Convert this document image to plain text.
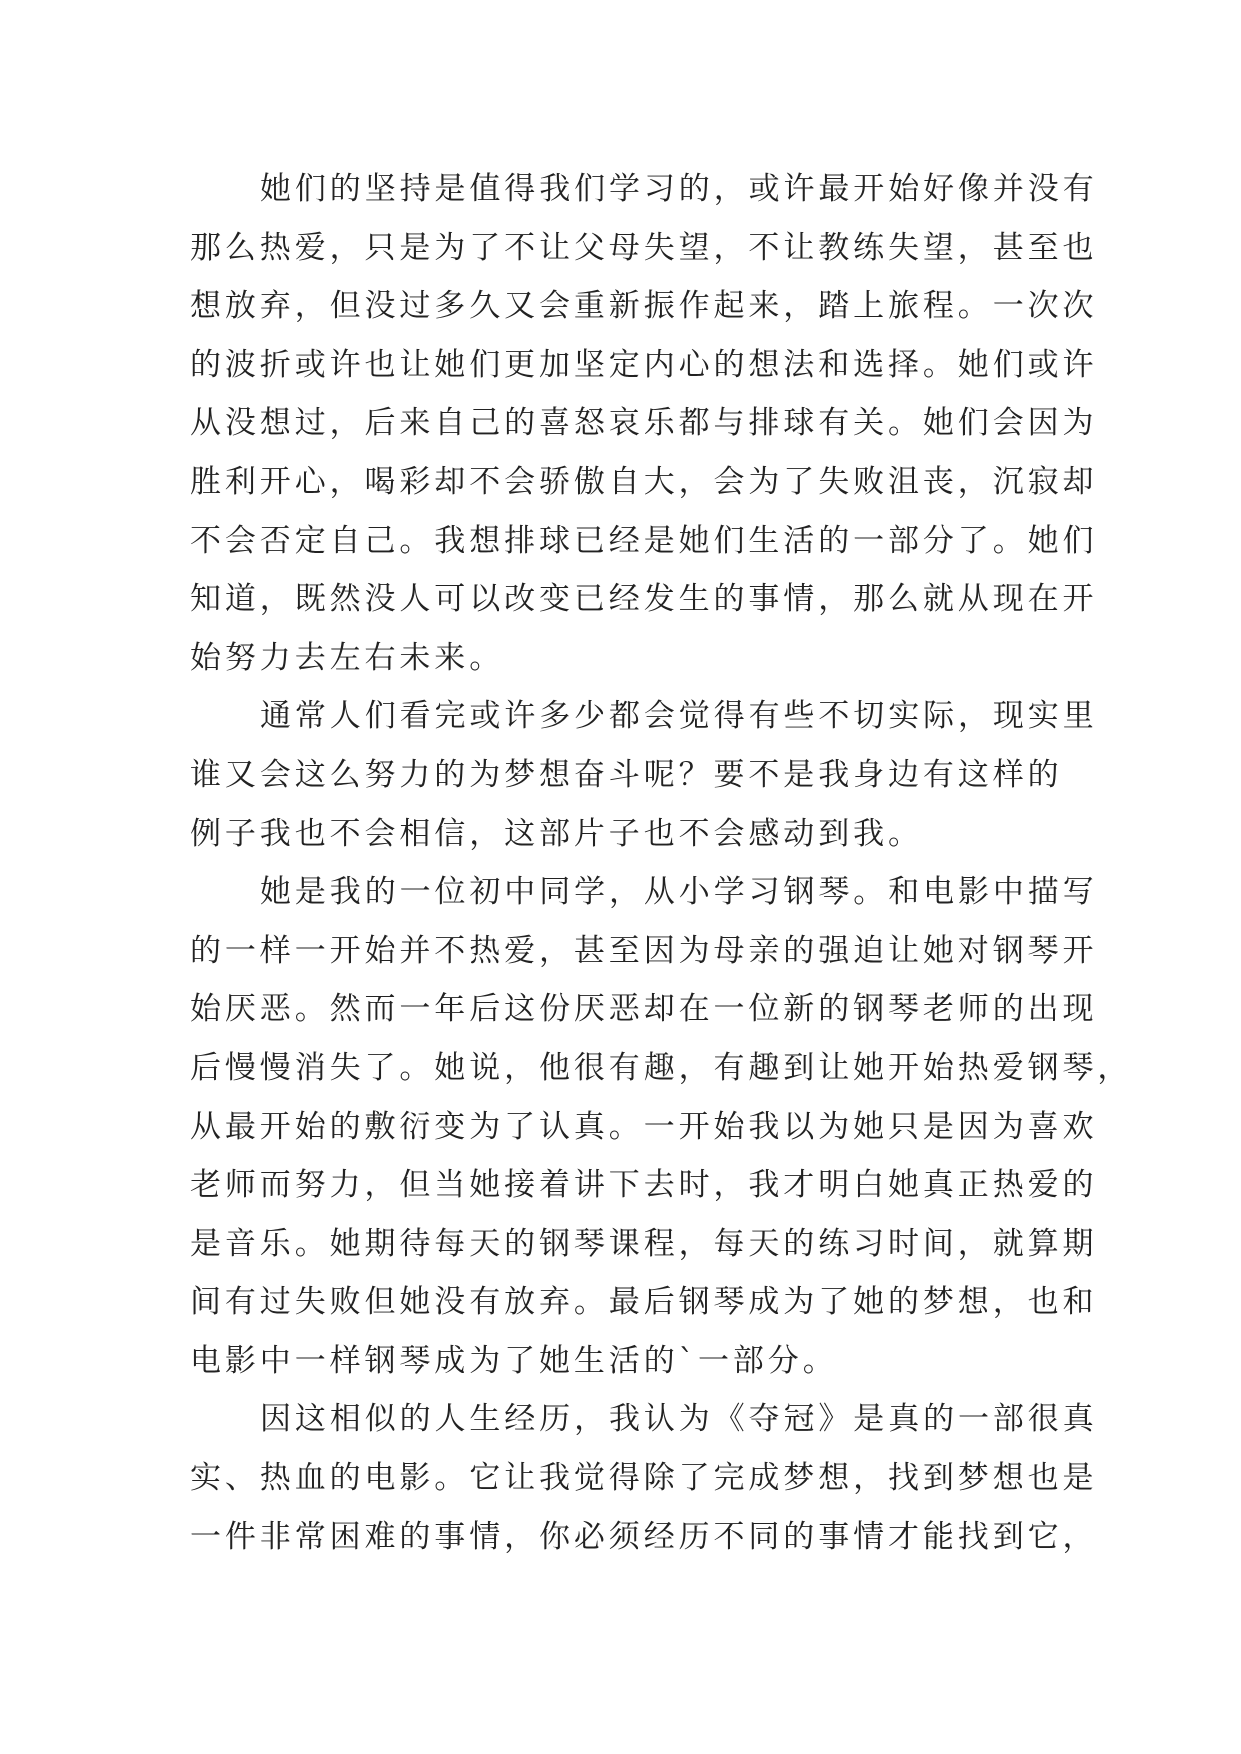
她们的坚持是值得我们学习的，或许最开始好像并没有
那么热爱，只是为了不让父母失望，不让教练失望，甚至也
想放弃，但没过多久又会重新振作起来，踏上旅程。一次次
的波折或许也让她们更加坚定内心的想法和选择。她们或许
从没想过，后来自己的喜怒哀乐都与排球有关。她们会因为
胜利开心，喝彩却不会骄傲自大，会为了失败沮丧，沉寂却
不会否定自己。我想排球已经是她们生活的一部分了。她们
知道，既然没人可以改变已经发生的事情，那么就从现在开
始努力去左右未来。
通常人们看完或许多少都会觉得有些不切实际，现实里
谁又会这么努力的为梦想奋斗呢？要不是我身边有这样的
例子我也不会相信，这部片子也不会感动到我。
她是我的一位初中同学，从小学习钢琴。和电影中描写
的一样一开始并不热爱，甚至因为母亲的强迫让她对钢琴开
始厌恶。然而一年后这份厌恶却在一位新的钢琴老师的出现
后慢慢消失了。她说，他很有趣，有趣到让她开始热爱钢琴，
从最开始的敷衍变为了认真。一开始我以为她只是因为喜欢
老师而努力，但当她接着讲下去时，我才明白她真正热爱的
是音乐。她期待每天的钢琴课程，每天的练习时间，就算期
间有过失败但她没有放弃。最后钢琴成为了她的梦想，也和
电影中一样钢琴成为了她生活的`一部分。
因这相似的人生经历，我认为《夺冠》是真的一部很真
实、热血的电影。它让我觉得除了完成梦想，找到梦想也是
一件非常困难的事情，你必须经历不同的事情才能找到它，
